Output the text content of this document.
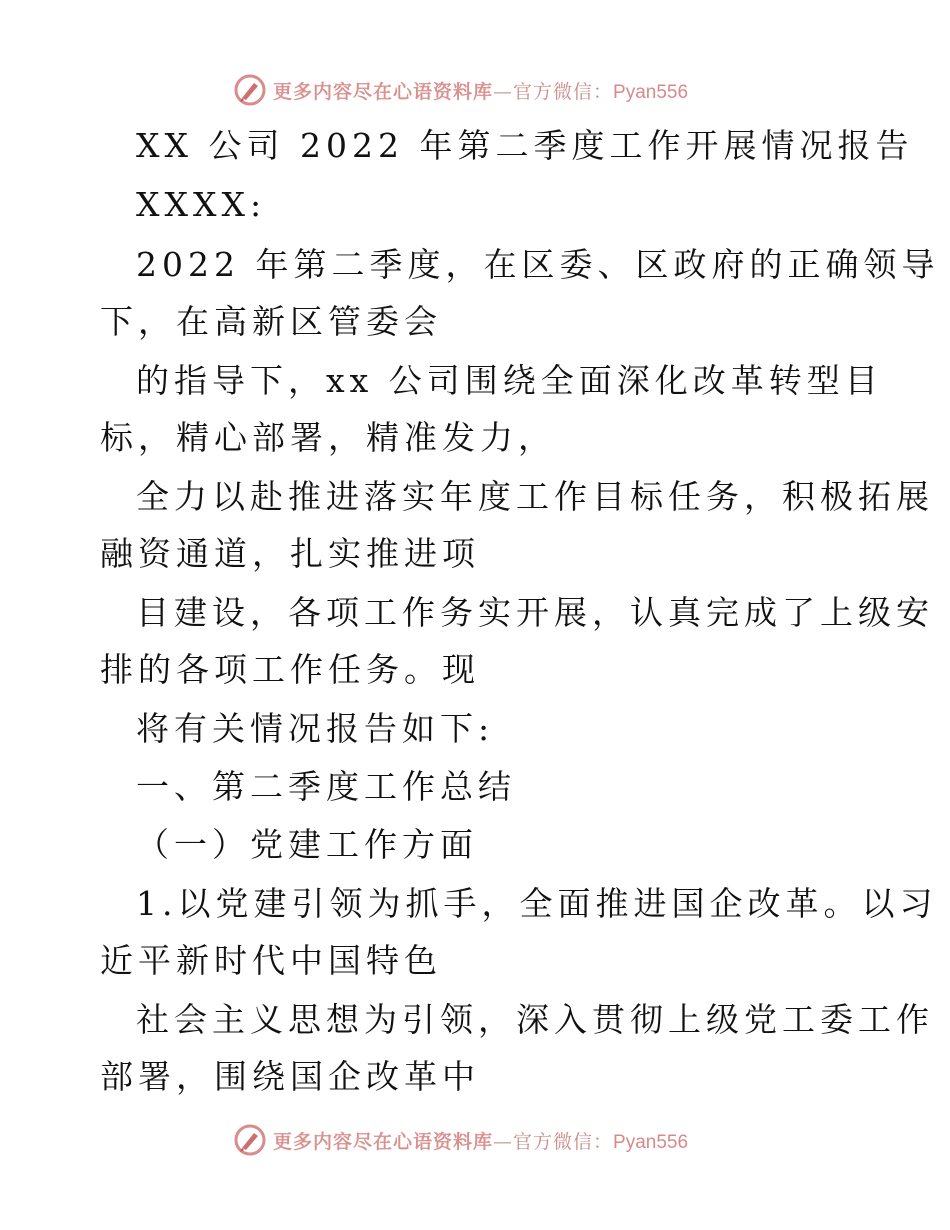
更多内容尽在心语资料库—官方微信：Pyan556
XX 公司 2022 年第二季度工作开展情况报告
XXXX:
2022 年第二季度，在区委、区政府的正确领导
下，在高新区管委会
的指导下，xx 公司围绕全面深化改革转型目
标，精心部署，精准发力，
全力以赴推进落实年度工作目标任务，积极拓展
融资通道，扎实推进项
目建设，各项工作务实开展，认真完成了上级安
排的各项工作任务。现
将有关情况报告如下:
一、第二季度工作总结
（一）党建工作方面
1.以党建引领为抓手，全面推进国企改革。以习
近平新时代中国特色
社会主义思想为引领，深入贯彻上级党工委工作
部署，围绕国企改革中
更多内容尽在心语资料库—官方微信：Pyan556
